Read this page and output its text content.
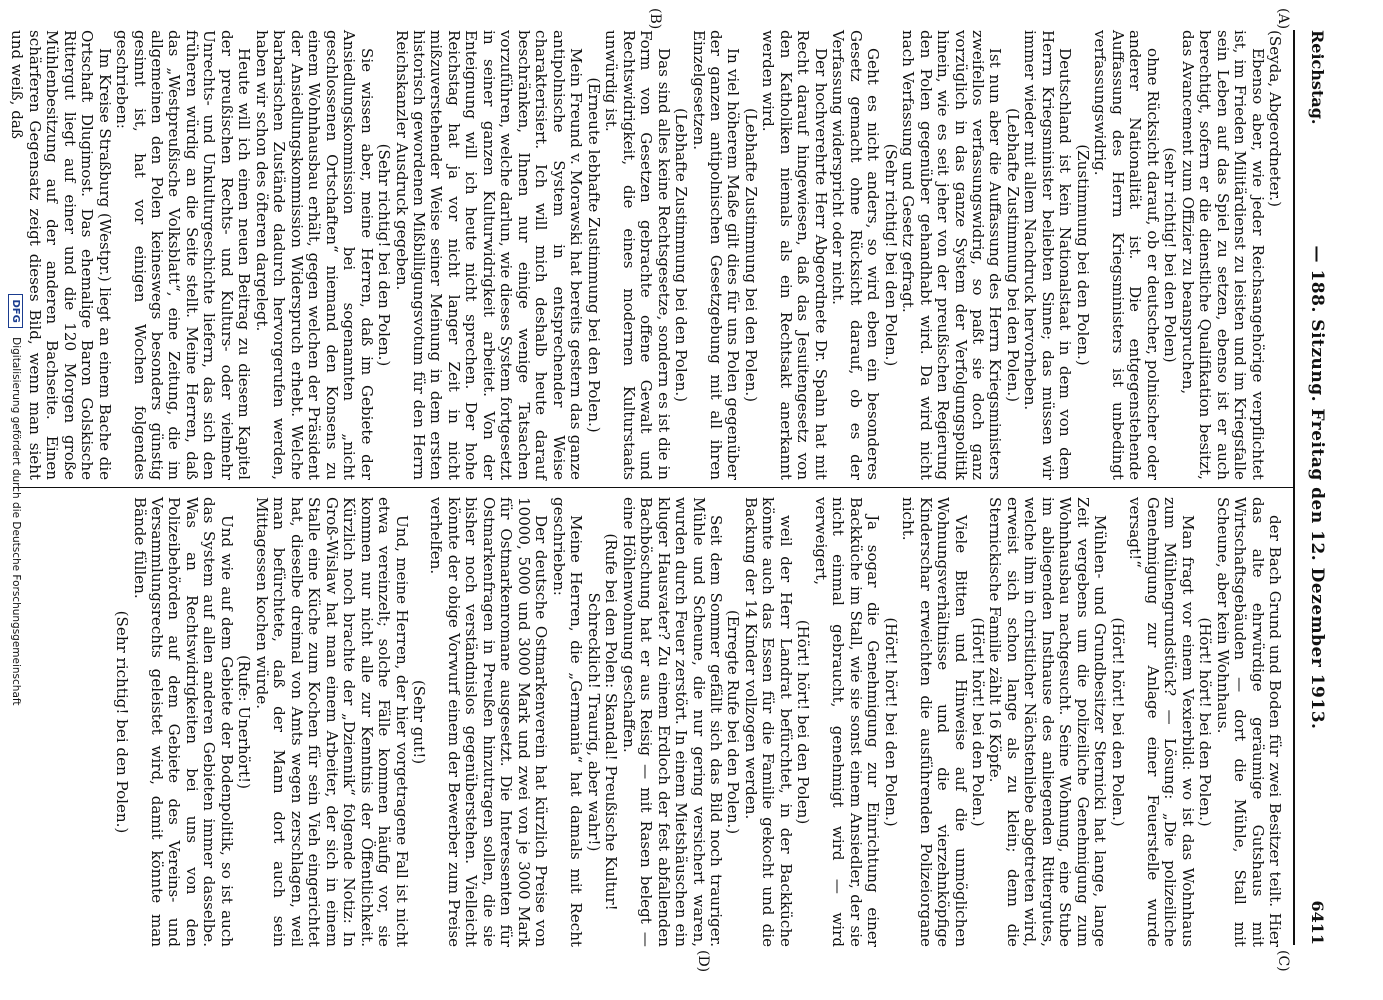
Reichstag.
— 188. Sitzung. Freitag den 12. Dezember 1913.
6411
(A)
(B)
(C)
(D)

(Seyda, Abgeordneter.)

Ebenso aber, wie jeder Reichsangehörige verpflichtet ist, im Frieden Militärdienst zu leisten und im Kriegsfalle sein Leben auf das Spiel zu setzen, ebenso ist er auch berechtigt, sofern er die dienstliche Qualifikation besitzt, das Avancement zum Offizier zu beanspruchen,

(sehr richtig! bei den Polen)

ohne Rücksicht darauf, ob er deutscher, polnischer oder anderer Nationalität ist. Die entgegenstehende Auffassung des Herrn Kriegsministers ist unbedingt verfassungswidrig.

(Zustimmung bei den Polen.)

Deutschland ist kein Nationalstaat in dem von dem Herrn Kriegsminister beliebten Sinne; das müssen wir immer wieder mit allem Nachdruck hervorheben.

(Lebhafte Zustimmung bei den Polen.)

Ist nun aber die Auffassung des Herrn Kriegsministers zweifellos verfassungswidrig, so paßt sie doch ganz vorzüglich in das ganze System der Verfolgungspolitik hinein, wie es seit jeher von der preußischen Regierung den Polen gegenüber gehandhabt wird. Da wird nicht nach Verfassung und Gesetz gefragt.

(Sehr richtig! bei den Polen.)

Geht es nicht anders, so wird eben ein besonderes Gesetz gemacht ohne Rücksicht darauf, ob es der Verfassung widerspricht oder nicht.

Der hochverehrte Herr Abgeordnete Dr. Spahn hat mit Recht darauf hingewiesen, daß das Jesuitengesetz von den Katholiken niemals als ein Rechtsakt anerkannt werden wird.

(Lebhafte Zustimmung bei den Polen.)

In viel höherem Maße gilt dies für uns Polen gegenüber der ganzen antipolnischen Gesetzgebung mit all ihren Einzelgesetzen.

(Lebhafte Zustimmung bei den Polen.)

Das sind alles keine Rechtsgesetze, sondern es ist die in Form von Gesetzen gebrachte offene Gewalt und Rechtswidrigkeit, die eines modernen Kulturstaats unwürdig ist.

(Erneute lebhafte Zustimmung bei den Polen.)

Mein Freund v. Morawski hat bereits gestern das ganze antipolnische System in entsprechender Weise charakterisiert. Ich will mich deshalb heute darauf beschränken, Ihnen nur einige wenige Tatsachen vorzuführen, welche darlun, wie dieses System fortgesetzt in seiner ganzen Kulturwidrigkeit arbeitet. Von der Enteignung will ich heute nicht sprechen. Der hohe Reichstag hat ja vor nicht langer Zeit in nicht mißzuverstehender Weise seiner Meinung in dem ersten historisch gewordenen Mißbilligungsvotum für den Herrn Reichskanzler Ausdruck gegeben.

(Sehr richtig! bei den Polen.)

Sie wissen aber, meine Herren, daß im Gebiete der Ansiedlungskommission bei sogenannten „nicht geschlossenen Ortschaften“ niemand den Konsens zu einem Wohnhausbau erhält, gegen welchen der Präsident der Ansiedlungskommission Widerspruch erhebt. Welche barbarischen Zustände dadurch hervorgerufen werden, haben wir schon des öfteren dargelegt.

Heute will ich einen neuen Beitrag zu diesem Kapitel der preußischen Rechts- und Kulturs- oder vielmehr Unrechts- und Unkulturgeschichte liefern, das sich den früheren würdig an die Seite stellt. Meine Herren, daß das „Westpreußische Volksblatt“, eine Zeitung, die im allgemeinen den Polen keineswegs besonders günstig gesinnt ist, hat vor einigen Wochen folgendes geschrieben:

Im Kreise Straßburg (Westpr.) liegt an einem Bache die Ortschaft Dlugimost. Das ehemalige Baron Golskische Rittergut liegt auf einer und die 120 Morgen große Mühlenbesitzung auf der anderen Bachseite. Einen schärferen Gegensatz zeigt dieses Bild, wenn man sieht und weiß, daß

der Bach Grund und Boden für zwei Besitzer teilt. Hier das alte ehrwürdige geräumige Gutshaus mit Wirtschaftsgebäuden — dort die Mühle, Stall mit Scheune, aber kein Wohnhaus.

(Hört! hört! bei den Polen.)

Man fragt vor einem Vexierbild: wo ist das Wohnhaus zum Mühlengrundstück? — Lösung: „Die polizeiliche Genehmigung zur Anlage einer Feuerstelle wurde versagt!“

(Hört! hört! bei den Polen.)

Mühlen- und Grundbesitzer Sternicki hat lange, lange Zeit vergebens um die polizeiliche Genehmigung zum Wohnhausbau nachgesucht. Seine Wohnung, eine Stube im abliegenden Insthause des anliegenden Rittergutes, welche ihm in christlicher Nächstenliebe abgetreten wird, erweist sich schon lange als zu klein; denn die Sternickische Familie zählt 16 Köpfe.

(Hört! hört! bei den Polen.)

Viele Bitten und Hinweise auf die unmöglichen Wohnungsverhältnisse und die vierzehnköpfige Kinderschar erweichten die ausführenden Polizeiorgane nicht.

(Hört! hört! bei den Polen.)

Ja sogar die Genehmigung zur Einrichtung einer Backküche im Stall, wie sie sonst einem Ansiedler, der sie nicht einmal gebraucht, genehmigt wird — wird verweigert,

(Hört! hört! bei den Polen)

weil der Herr Landrat befürchtet, in der Backküche könnte auch das Essen für die Familie gekocht und die Backung der 14 Kinder vollzogen werden.

(Erregte Rufe bei den Polen.)

Seit dem Sommer gefällt sich das Bild noch trauriger. Mühle und Scheune, die nur gering versichert waren, wurden durch Feuer zerstört. In einem Mietshäuschen ein kluger Hausvater? Zu einem Erdloch der fest abfallenden Bachböschung hat er aus Reisig — mit Rasen belegt — eine Höhlenwohnung geschaffen.

(Rufe bei den Polen: Skandal! Preußische Kultur!

Schrecklich! Traurig, aber wahr!)

Meine Herren, die „Germania“ hat damals mit Recht geschrieben:

Der deutsche Ostmarkenverein hat kürzlich Preise von 10000, 5000 und 3000 Mark und zwei von je 3000 Mark für Ostmarkenromane ausgesetzt. Die Interessenten für Ostmarkenfragen in Preußen hinzutragen sollen, die sie bisher noch verständnislos gegenüberstehen. Vielleicht könnte der obige Vorwurf einem der Bewerber zum Preise verhelfen.

(Sehr gut!)

Und, meine Herren, der hier vorgetragene Fall ist nicht etwa vereinzelt; solche Fälle kommen häufig vor, sie kommen nur nicht alle zur Kenntnis der Öffentlichkeit. Kürzlich noch brachte der „Dziennik“ folgende Notiz: In Groß-Wislaw hat man einem Arbeiter, der sich in einem Stalle eine Küche zum Kochen für sein Vieh eingerichtet hat, dieselbe dreimal von Amts wegen zerschlagen, weil man befürchtete, daß der Mann dort auch sein Mittagessen kochen würde.

(Rufe: Unerhört!)

Und wie auf dem Gebiete der Bodenpolitik, so ist auch das System auf allen anderen Gebieten immer dasselbe. Was an Rechtswidrigkeiten bei uns von den Polizeibehörden auf dem Gebiete des Vereins- und Versammlungsrechts geleistet wird, damit könnte man Bände füllen.

(Sehr richtig! bei den Polen.)

DFG Digitalisierung gefördert durch die Deutsche Forschungsgemeinschaft
